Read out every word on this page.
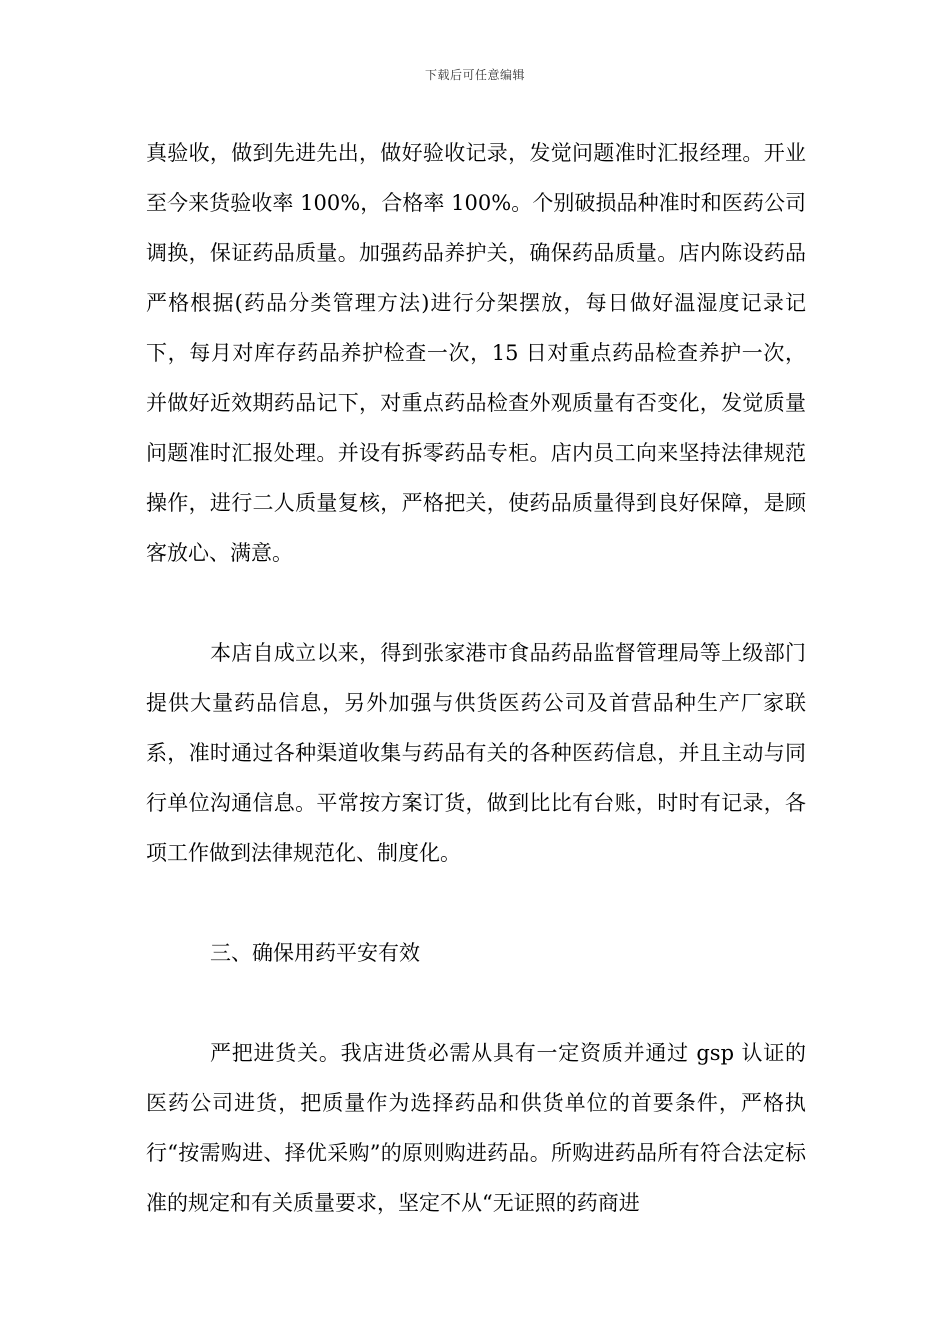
下载后可任意编辑

真验收，做到先进先出，做好验收记录，发觉问题准时汇报经理。开业至今来货验收率 100%，合格率 100%。个别破损品种准时和医药公司调换，保证药品质量。加强药品养护关，确保药品质量。店内陈设药品严格根据(药品分类管理方法)进行分架摆放，每日做好温湿度记录记下，每月对库存药品养护检查一次，15 日对重点药品检查养护一次，并做好近效期药品记下，对重点药品检查外观质量有否变化，发觉质量问题准时汇报处理。并设有拆零药品专柜。店内员工向来坚持法律规范操作，进行二人质量复核，严格把关，使药品质量得到良好保障，是顾客放心、满意。

本店自成立以来，得到张家港市食品药品监督管理局等上级部门提供大量药品信息，另外加强与供货医药公司及首营品种生产厂家联系，准时通过各种渠道收集与药品有关的各种医药信息，并且主动与同行单位沟通信息。平常按方案订货，做到比比有台账，时时有记录，各项工作做到法律规范化、制度化。

三、确保用药平安有效

严把进货关。我店进货必需从具有一定资质并通过 gsp 认证的医药公司进货，把质量作为选择药品和供货单位的首要条件，严格执行“按需购进、择优采购”的原则购进药品。所购进药品所有符合法定标准的规定和有关质量要求，坚定不从“无证照的药商进
